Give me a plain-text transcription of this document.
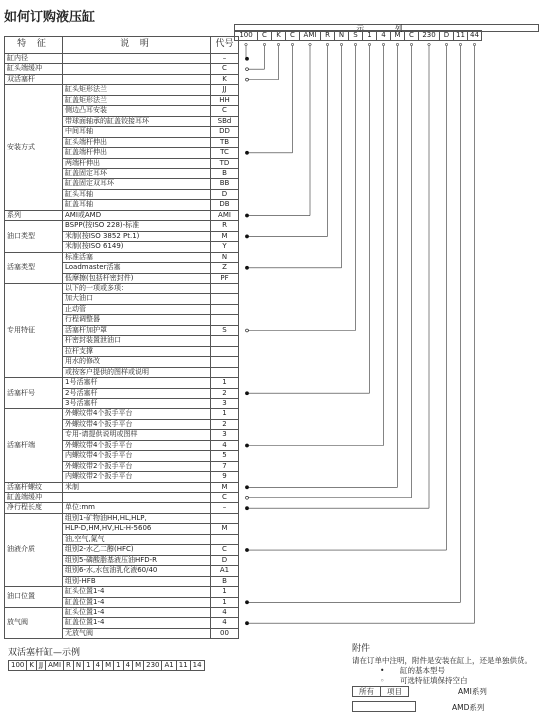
如何订购液压缸
特 征	说 明	代号
缸内径		–
缸头端缓冲		C
双活塞杆		K
安装方式	缸头矩形法兰	JJ
	缸盖矩形法兰	HH
	侧边凸耳安装	C
	带球面轴承的缸盖铰接耳环	SBd
	中间耳轴	DD
	缸头端杆伸出	TB
	缸盖端杆伸出	TC
	两端杆伸出	TD
	缸盖固定耳环	B
	缸盖固定双耳环	BB
	缸头耳轴	D
	缸盖耳轴	DB
系列	AMI或AMD	AMI
油口类型	BSPP(按ISO 228)-标准	R
	米制(按ISO 3852 Pt.1)	M
	米制(按ISO 6149)	Y
活塞类型	标准活塞	N
	Loadmaster活塞	Z
	低摩擦(包括杆密封件)	PF
专用特征	以下的一项或多项：	
	加大油口	
	止动管	
	行程调整器	
	活塞杆加护罩	S
	杆密封装置泄油口	
	拉杆支撑	
	用水的修改	
	或按客户提供的图样或说明	
活塞杆号	1号活塞杆	1
	2号活塞杆	2
	3号活塞杆	3
活塞杆端	外螺纹带4个扳手平台	1
	外螺纹带4个扳手平台	2
	专用-请提供说明或图样	3
	外螺纹带4个扳手平台	4
	内螺纹带4个扳手平台	5
	外螺纹带2个扳手平台	7
	内螺纹带2个扳手平台	9
活塞杆螺纹	米制	M
缸盖端缓冲		C
净行程长度	单位:mm	–
油液介质	组别1-矿物油HH,HL,HLP,	
	HLP-D,HM,HV,HL-H-5606	M
	油,空气,氮气	
	组别2-水乙二醇(HFC)	C
	组别5-磷酸脂基液压油HFD-R	D
	组别6-水,水包油乳化液60/40	A1
	组别-HFB	B
油口位置	缸头位置1-4	1
	缸盖位置1-4	1
放气阀	缸头位置1-4	4
	缸盖位置1-4	4
	无放气阀	00
示 列
100	C	K	C	AMI	R	N	S	1	4	M	C	230	D	11	44
双活塞杆缸—示例
100	K	JJ	AMI	R	N	1	4	M	1	4	M	230	A1	11	14
附件
请在订单中注明，附件是安装在缸上，还是单独供货。
• 缸的基本型号
◦ 可选特征填保持空白
所有	项目	AMI系列
AMD系列
